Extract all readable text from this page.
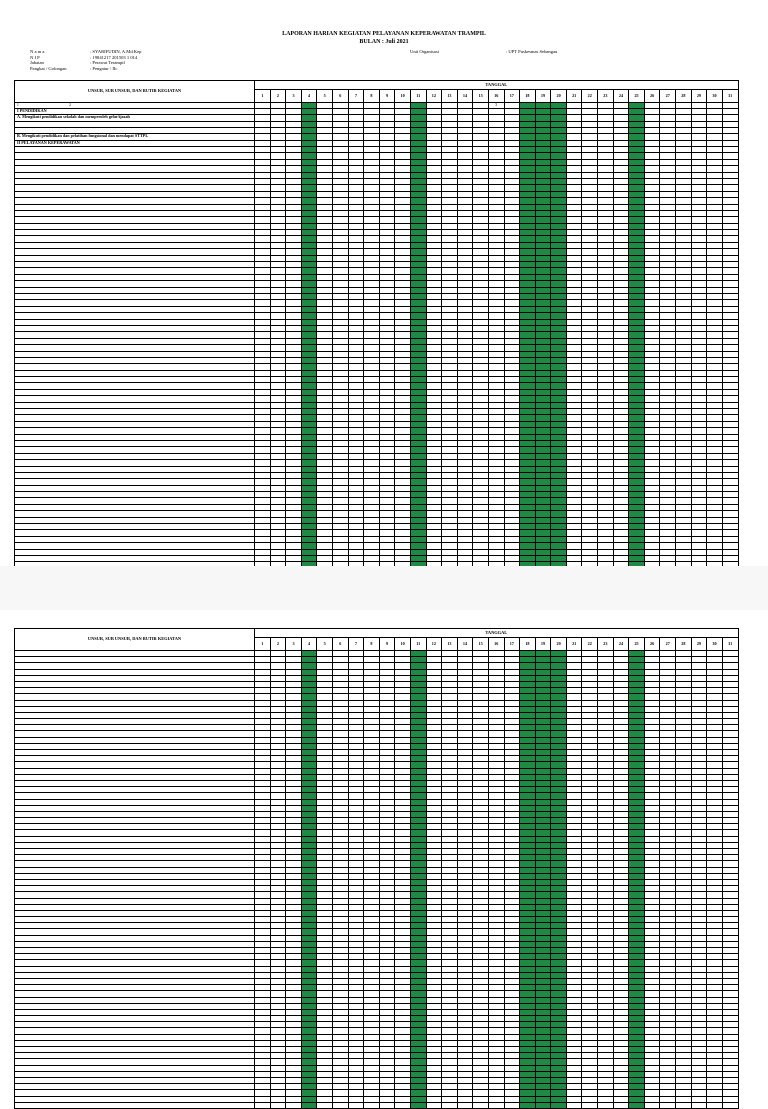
LAPORAN HARIAN KEGIATAN PELAYANAN KEPERAWATAN TRAMPIL
BULAN : Juli 2021
N a m a	: SYARIFUDIN, A.Md.Kep
N I P	: 19841217 201503 1 014
Jabatan	: Perawat Terampil
Pangkat / Golongan	: Pengatur / IIc
Unit Organisasi	: UPT Puskesmas Sebangau
UNSUR, SUB UNSUR, DAN BUTIR KEGIATAN	TANGGAL																														
	1	2	3	4	5	6	7	8	9	10	11	12	13	14	15	16	17	18	19	20	21	22	23	24	25	26	27	28	29	30	31
1                                                        2																3															
I PENDIDIKAN																															
A. Mengikuti pendidikan sekolah dan memperoleh gelar/ijazah																															

B. Mengikuti pendidikan dan pelatihan fungsional dan mendapat STTPL																															
II PELAYANAN KEPERAWATAN																															

UNSUR, SUB UNSUR, DAN BUTIR KEGIATAN	TANGGAL																														
	1	2	3	4	5	6	7	8	9	10	11	12	13	14	15	16	17	18	19	20	21	22	23	24	25	26	27	28	29	30	31
